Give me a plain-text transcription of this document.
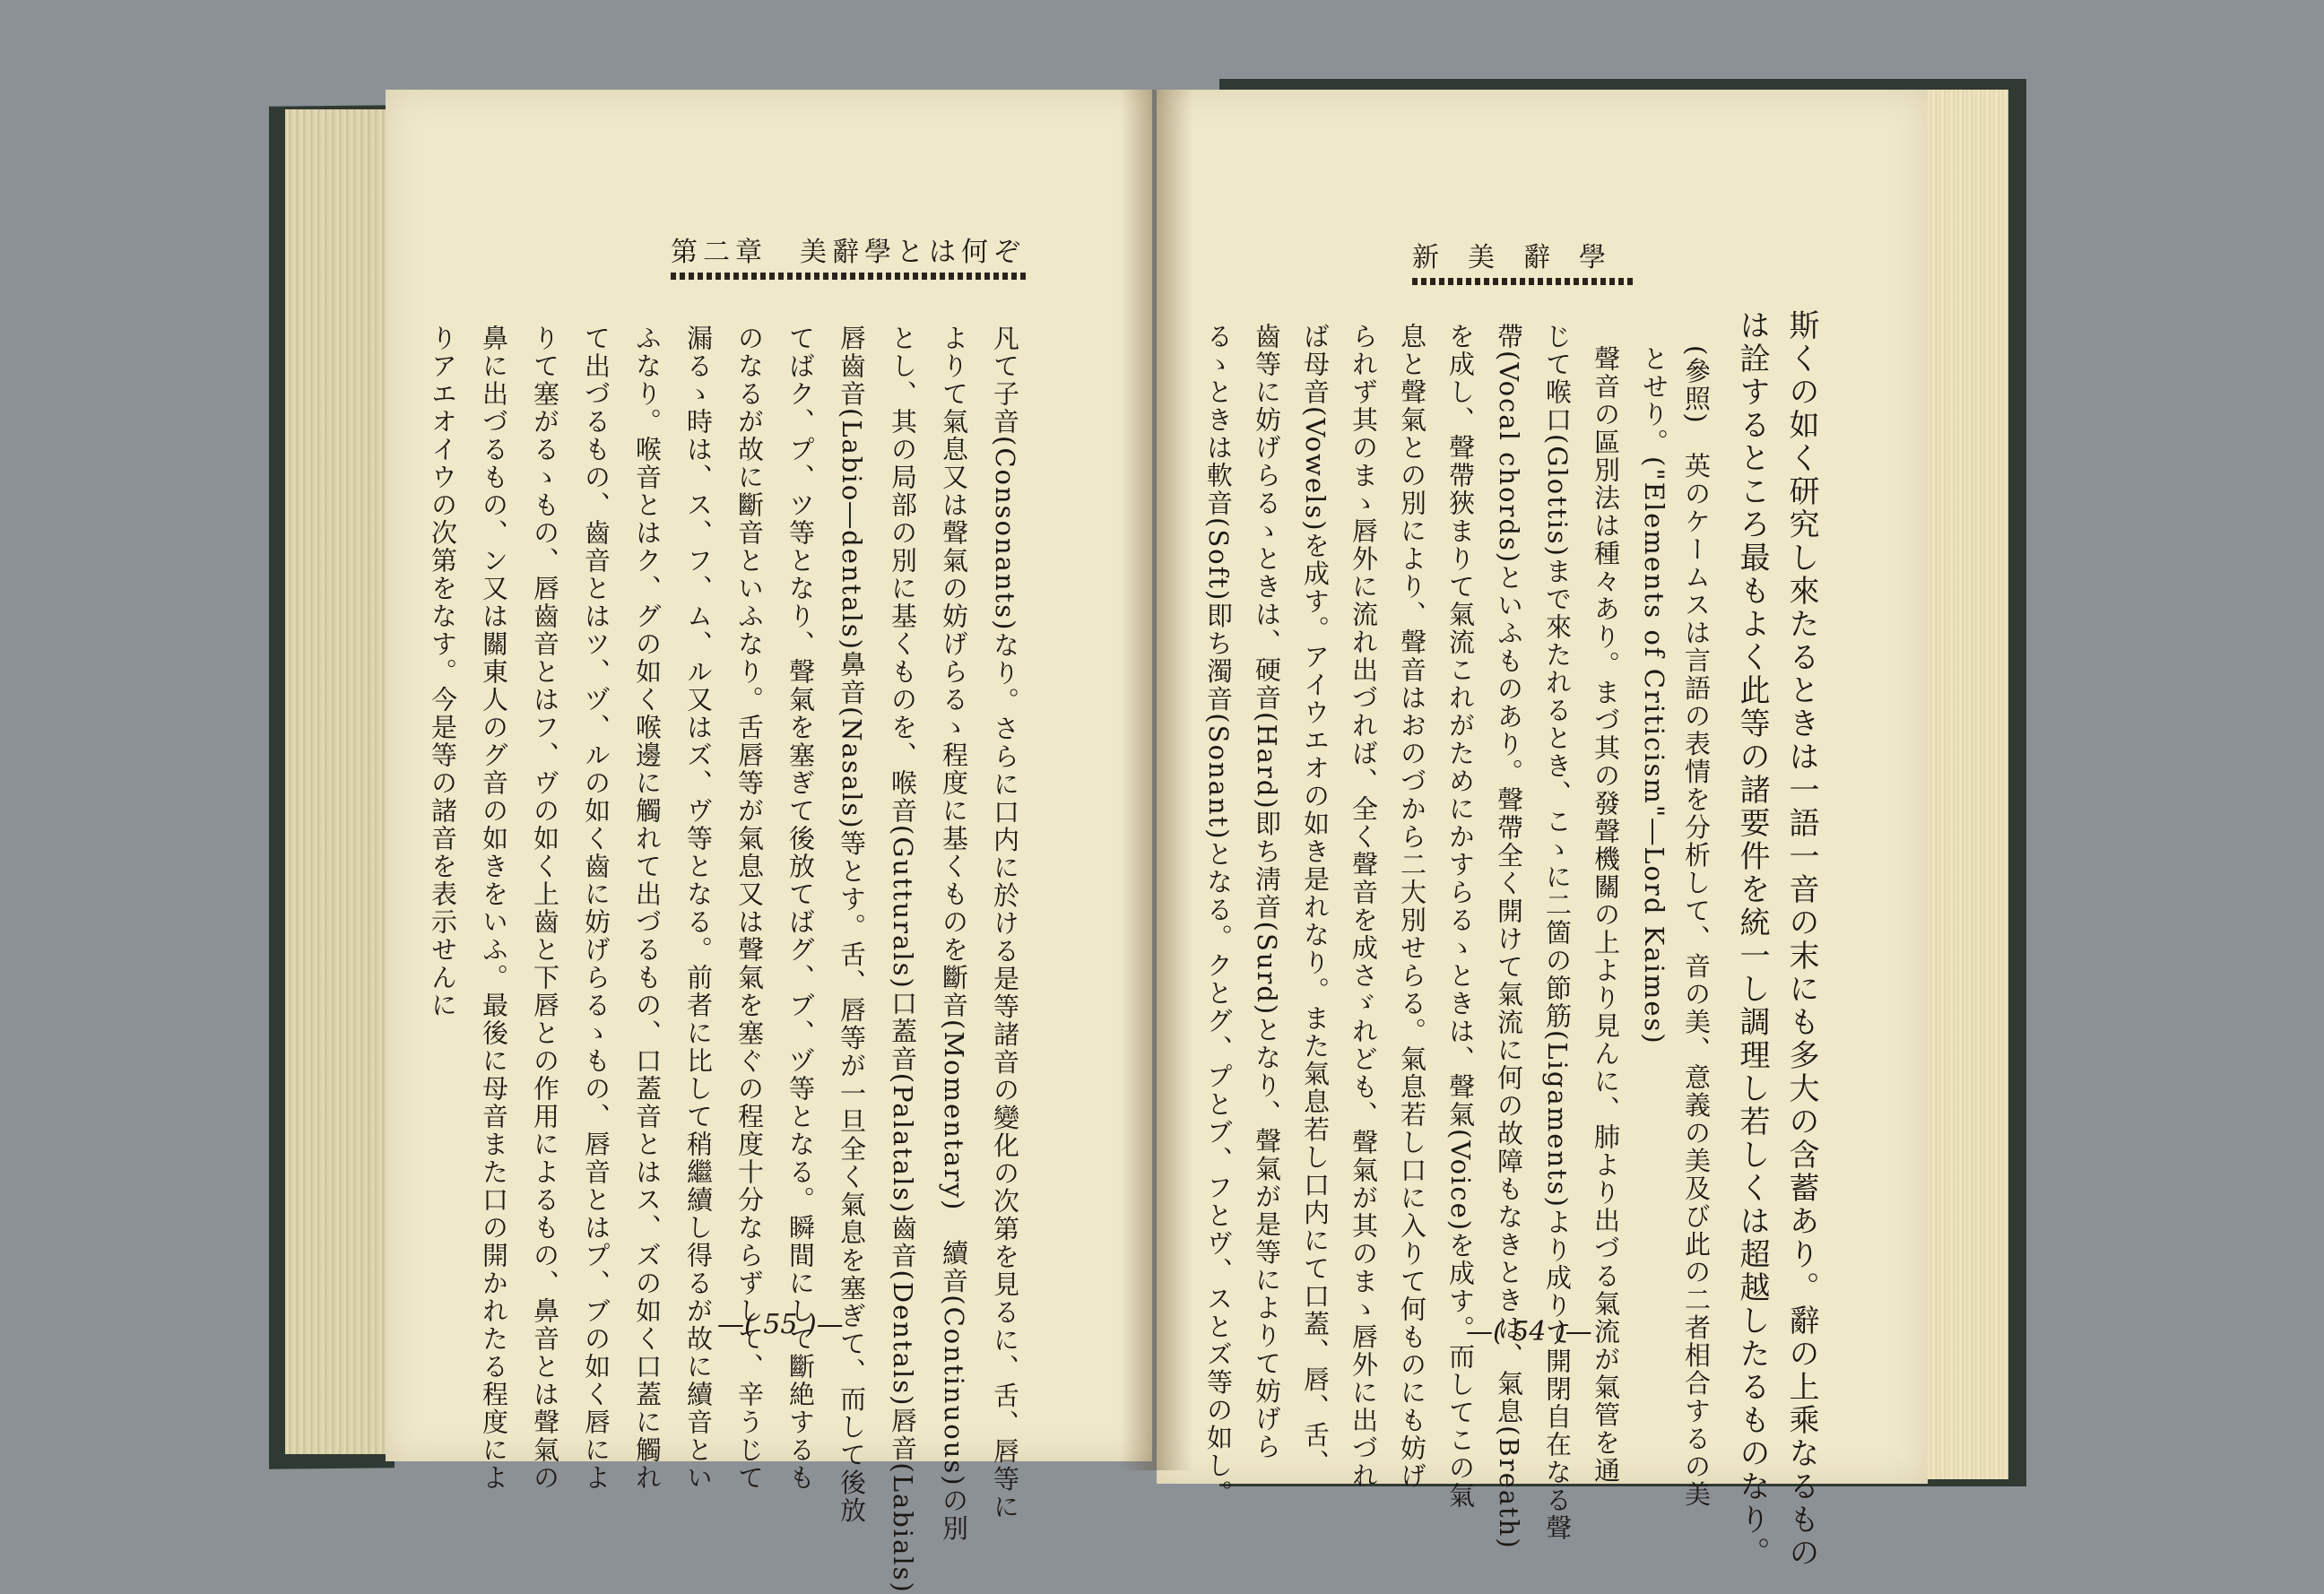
第二章　美辭學とは何ぞ	新美辭學
凡て子音(Consonants)なり。さらに口内に於ける是等諸音の變化の次第を見るに、舌、唇等に
よりて氣息又は聲氣の妨げらるゝ程度に基くものを斷音(Momentary)　續音(Continuous)の別
とし、其の局部の別に基くものを、喉音(Gutturals)口蓋音(Palatals)齒音(Dentals)唇音(Labials)
唇齒音(Labio―dentals)鼻音(Nasals)等とす。舌、唇等が一旦全く氣息を塞ぎて、而して後放
てばク、プ、ツ等となり、聲氣を塞ぎて後放てばグ、ブ、ヅ等となる。瞬間にして斷絶するも
のなるが故に斷音といふなり。舌唇等が氣息又は聲氣を塞ぐの程度十分ならずして、辛うじて
漏るゝ時は、ス、フ、ム、ル又はズ、ヴ等となる。前者に比して稍繼續し得るが故に續音とい
ふなり。喉音とはク、グの如く喉邊に觸れて出づるもの、口蓋音とはス、ズの如く口蓋に觸れ
て出づるもの、齒音とはツ、ヅ、ルの如く齒に妨げらるゝもの、唇音とはプ、ブの如く唇によ
りて塞がるゝもの、唇齒音とはフ、ヴの如く上齒と下唇との作用によるもの、鼻音とは聲氣の
鼻に出づるもの、ン又は關東人のグ音の如きをいふ。最後に母音また口の開かれたる程度によ
りアエオイウの次第をなす。今是等の諸音を表示せんに	斯くの如く研究し來たるときは一語一音の末にも多大の含蓄あり。辭の上乘なるもの
は詮するところ最もよく此等の諸要件を統一し調理し若しくは超越したるものなり。
(參照)　英のケームスは言語の表情を分析して、音の美、意義の美及び此の二者相合するの美
とせり。("Elements of Criticism"―Lord Kaimes)
聲音の區別法は種々あり。まづ其の發聲機關の上より見んに、肺より出づる氣流が氣管を通
じて喉口(Glottis)まで來たれるとき、こゝに二箇の節筋(Ligaments)より成りて開閉自在なる聲
帶(Vocal chords)といふものあり。聲帶全く開けて氣流に何の故障もなきときは、氣息(Breath)
を成し、聲帶狹まりて氣流これがためにかすらるゝときは、聲氣(Voice)を成す。而してこの氣
息と聲氣との別により、聲音はおのづから二大別せらる。氣息若し口に入りて何ものにも妨げ
られず其のまゝ唇外に流れ出づれば、全く聲音を成さゞれども、聲氣が其のまゝ唇外に出づれ
ば母音(Vowels)を成す。アイウエオの如き是れなり。また氣息若し口内にて口蓋、唇、舌、
齒等に妨げらるゝときは、硬音(Hard)即ち淸音(Surd)となり、聲氣が是等によりて妨げら
るゝときは軟音(Soft)即ち濁音(Sonant)となる。クとグ、プとブ、フとヴ、スとズ等の如し。
—( 55 )—	—( 54 )—
